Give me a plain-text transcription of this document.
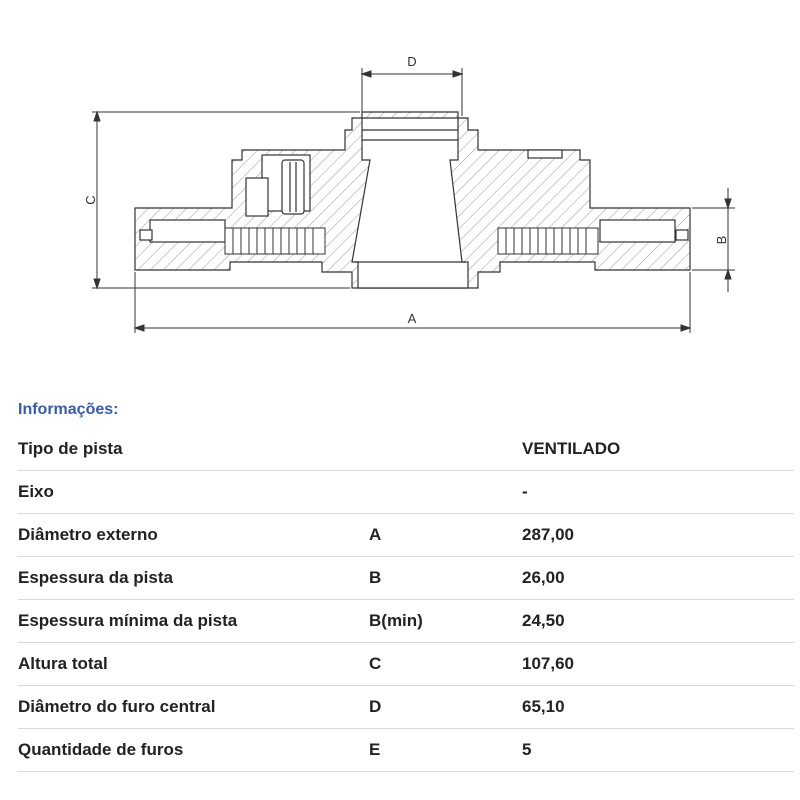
D
C
B
A
Informações:
Tipo de pista		VENTILADO
Eixo		-
Diâmetro externo	A	287,00
Espessura da pista	B	26,00
Espessura mínima da pista	B(min)	24,50
Altura total	C	107,60
Diâmetro do furo central	D	65,10
Quantidade de furos	E	5
